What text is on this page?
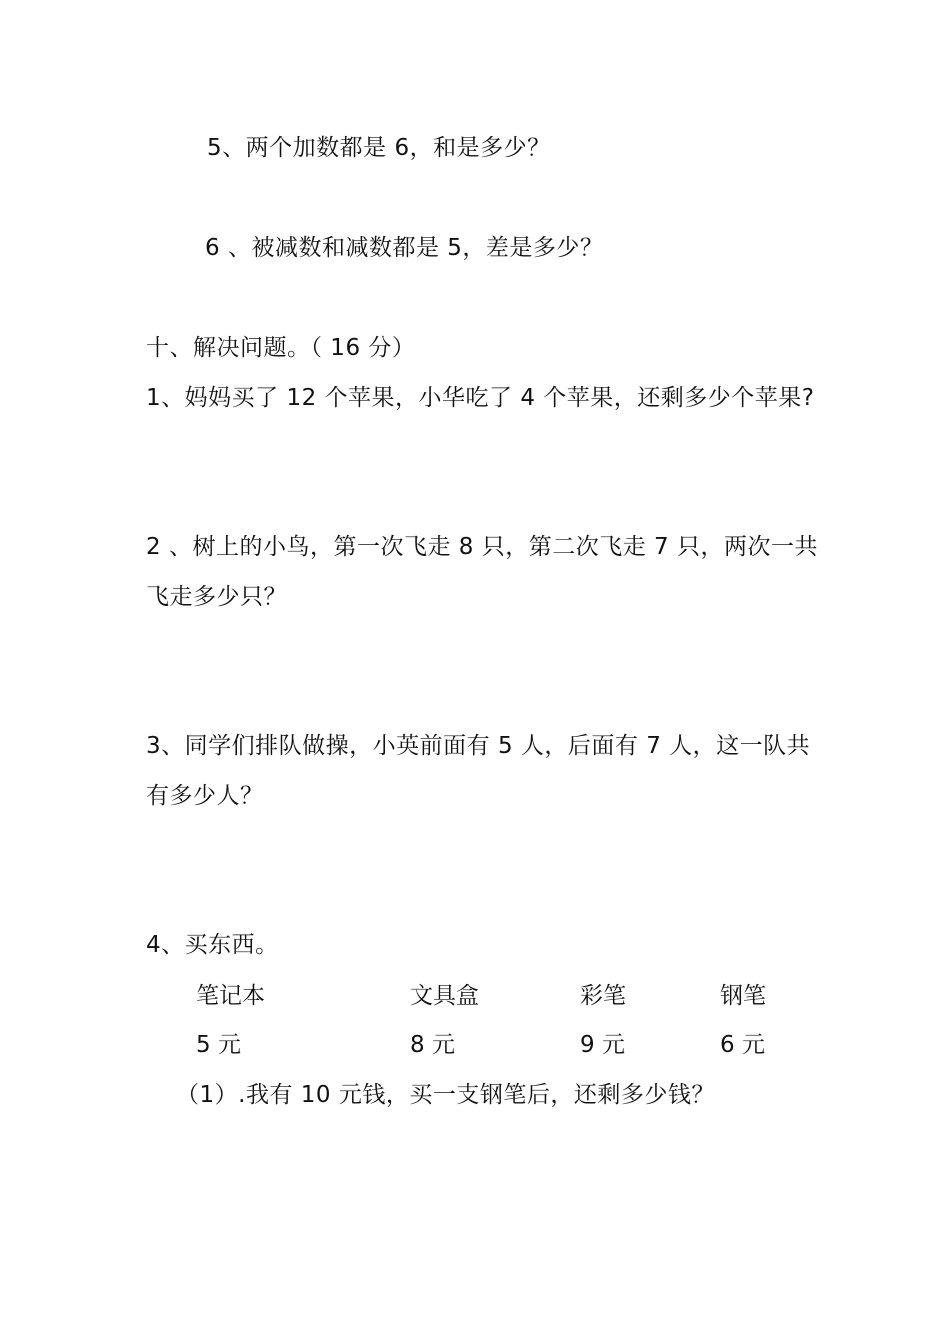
5、两个加数都是 6，和是多少？
6 、被减数和减数都是 5，差是多少？
十、解决问题。（ 16 分）
1、妈妈买了 12 个苹果，小华吃了 4 个苹果，还剩多少个苹果?
2 、树上的小鸟，第一次飞走 8 只，第二次飞走 7 只，两次一共
飞走多少只？
3、同学们排队做操，小英前面有 5 人，后面有 7 人，这一队共
有多少人？
4、买东西。
笔记本	文具盒	彩笔	钢笔
5 元	8 元	9 元	6 元
（1）.我有 10 元钱，买一支钢笔后，还剩多少钱？
